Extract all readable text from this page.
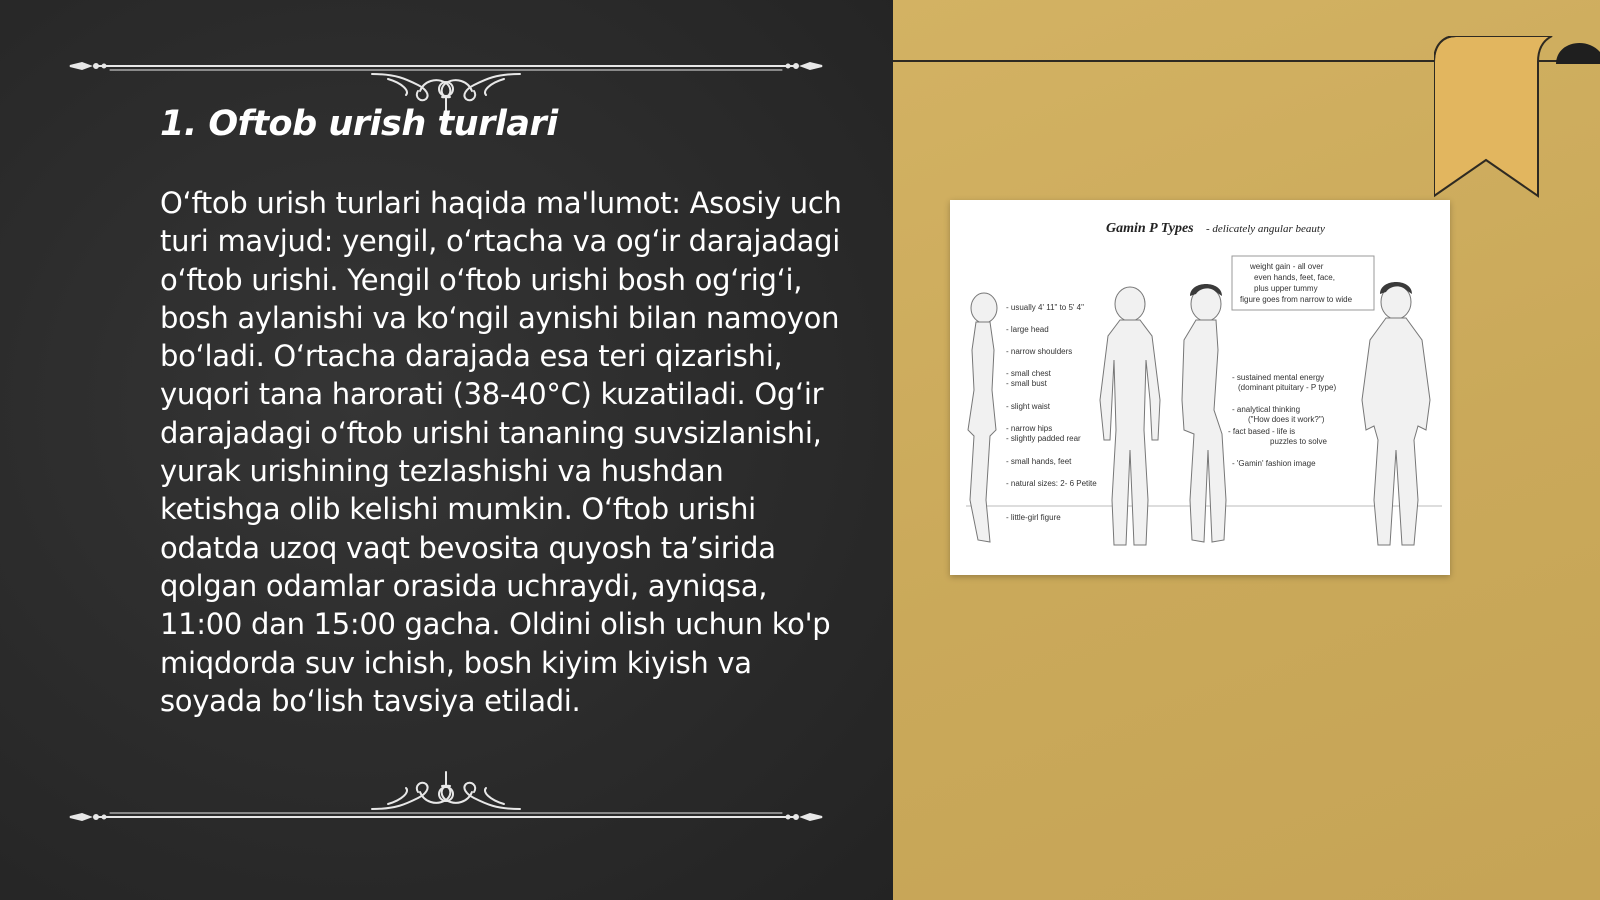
1. Oftob urish turlari

O‘ftob urish turlari haqida ma'lumot: Asosiy uch turi mavjud: yengil, o‘rtacha va og‘ir darajadagi o‘ftob urishi. Yengil o‘ftob urishi bosh og‘rig‘i, bosh aylanishi va ko‘ngil aynishi bilan namoyon bo‘ladi. O‘rtacha darajada esa teri qizarishi, yuqori tana harorati (38-40°C) kuzatiladi. Og‘ir darajadagi o‘ftob urishi tananing suvsizlanishi, yurak urishining tezlashishi va hushdan ketishga olib kelishi mumkin. O‘ftob urishi odatda uzoq vaqt bevosita quyosh ta’sirida qolgan odamlar orasida uchraydi, ayniqsa, 11:00 dan 15:00 gacha. Oldini olish uchun ko'p miqdorda suv ichish, bosh kiyim kiyish va soyada bo‘lish tavsiya etiladi.

Gamin P Types - delicately angular beauty
weight gain - all over
even hands, feet, face,
plus upper tummy
figure goes from narrow to wide
- usually 4' 11" to 5' 4"
- large head
- narrow shoulders
- small chest
- small bust
- slight waist
- narrow hips
- slightly padded rear
- small hands, feet
- natural sizes: 2- 6 Petite
- little-girl figure
- sustained mental energy
(dominant pituitary - P type)
- analytical thinking
("How does it work?")
- fact based - life is
puzzles to solve
- 'Gamin' fashion image
